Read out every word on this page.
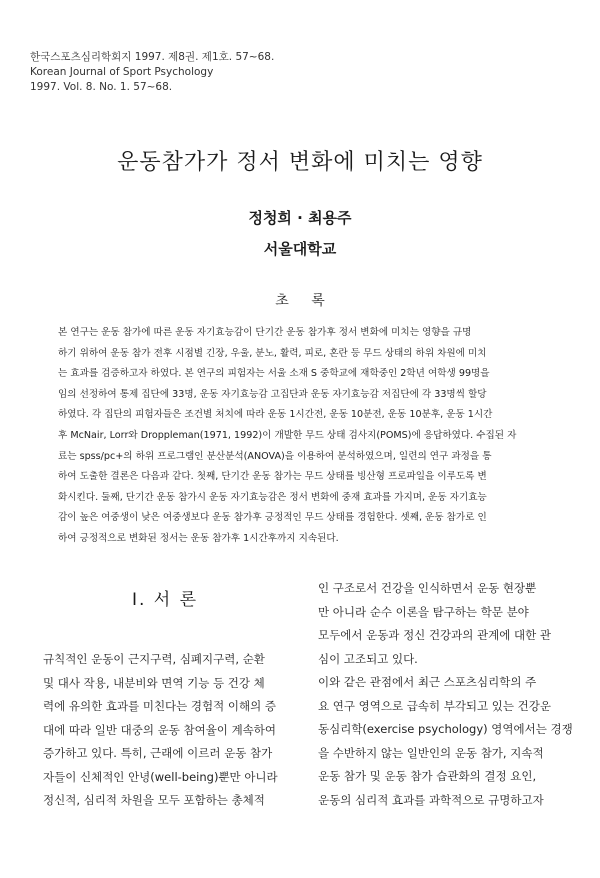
한국스포츠심리학회지 1997. 제8권. 제1호. 57~68.
Korean Journal of Sport Psychology
1997. Vol. 8. No. 1. 57~68.
운동참가가 정서 변화에 미치는 영향
정청희 · 최용주
서울대학교
초 록
본 연구는 운동 참가에 따른 운동 자기효능감이 단기간 운동 참가후 정서 변화에 미치는 영향을 규명
하기 위하여 운동 참가 전후 시점별 긴장, 우울, 분노, 활력, 피로, 혼란 등 무드 상태의 하위 차원에 미치
는 효과를 검증하고자 하였다. 본 연구의 피험자는 서울 소재 S 중학교에 재학중인 2학년 여학생 99명을
임의 선정하여 통제 집단에 33명, 운동 자기효능감 고집단과 운동 자기효능감 저집단에 각 33명씩 할당
하였다. 각 집단의 피험자들은 조건별 처치에 따라 운동 1시간전, 운동 10분전, 운동 10분후, 운동 1시간
후 McNair, Lorr와 Droppleman(1971, 1992)이 개발한 무드 상태 검사지(POMS)에 응답하였다. 수집된 자
료는 spss/pc+의 하위 프로그램인 분산분석(ANOVA)을 이용하여 분석하였으며, 일련의 연구 과정을 통
하여 도출한 결론은 다음과 같다. 첫째, 단기간 운동 참가는 무드 상태를 빙산형 프로파일을 이루도록 변
화시킨다. 둘째, 단기간 운동 참가시 운동 자기효능감은 정서 변화에 중재 효과를 가지며, 운동 자기효능
감이 높은 여중생이 낮은 여중생보다 운동 참가후 긍정적인 무드 상태를 경험한다. 셋째, 운동 참가로 인
하여 긍정적으로 변화된 정서는 운동 참가후 1시간후까지 지속된다.
I. 서 론
규칙적인 운동이 근지구력, 심폐지구력, 순환
및 대사 작용, 내분비와 면역 기능 등 건강 체
력에 유의한 효과를 미친다는 경험적 이해의 증
대에 따라 일반 대중의 운동 참여율이 계속하여
증가하고 있다. 특히, 근래에 이르러 운동 참가
자들이 신체적인 안녕(well-being)뿐만 아니라
정신적, 심리적 차원을 모두 포함하는 총체적
인 구조로서 건강을 인식하면서 운동 현장뿐
만 아니라 순수 이론을 탐구하는 학문 분야
모두에서 운동과 정신 건강과의 관계에 대한 관
심이 고조되고 있다.
이와 같은 관점에서 최근 스포츠심리학의 주
요 연구 영역으로 급속히 부각되고 있는 건강운
동심리학(exercise psychology) 영역에서는 경쟁
을 수반하지 않는 일반인의 운동 참가, 지속적
운동 참가 및 운동 참가 습관화의 결정 요인,
운동의 심리적 효과를 과학적으로 규명하고자
